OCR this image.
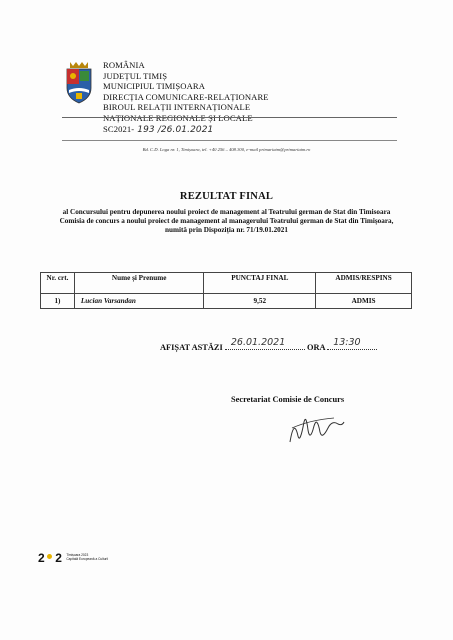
ROMÂNIA
JUDEȚUL TIMIȘ
MUNICIPIUL TIMIȘOARA
DIRECȚIA COMUNICARE-RELAȚIONARE
BIROUL RELAȚII INTERNAȚIONALE
NAȚIONALE REGIONALE ȘI LOCALE
SC2021- 193 /26.01.2021
Bd. C.D. Loga nr. 1, Timișoara, tel. +40 256 – 408.300, e-mail primariatm@primariatm.ro
REZULTAT FINAL
al Concursului pentru depunerea noului proiect de management al Teatrului german de Stat din Timisoara
Comisia de concurs a noului proiect de management al managerului Teatrului german de Stat din Timișoara, numită prin Dispoziția nr. 71/19.01.2021
Nr. crt.	Nume și Prenume	PUNCTAJ FINAL	ADMIS/RESPINS
1)	Lucian Varsandan	9,52	ADMIS
AFIȘAT ASTĂZI 26.01.2021	ORA 13:30
Secretariat Comisie de Concurs
2 2 Timișoara 2023
Capitală Europeană a Culturii
